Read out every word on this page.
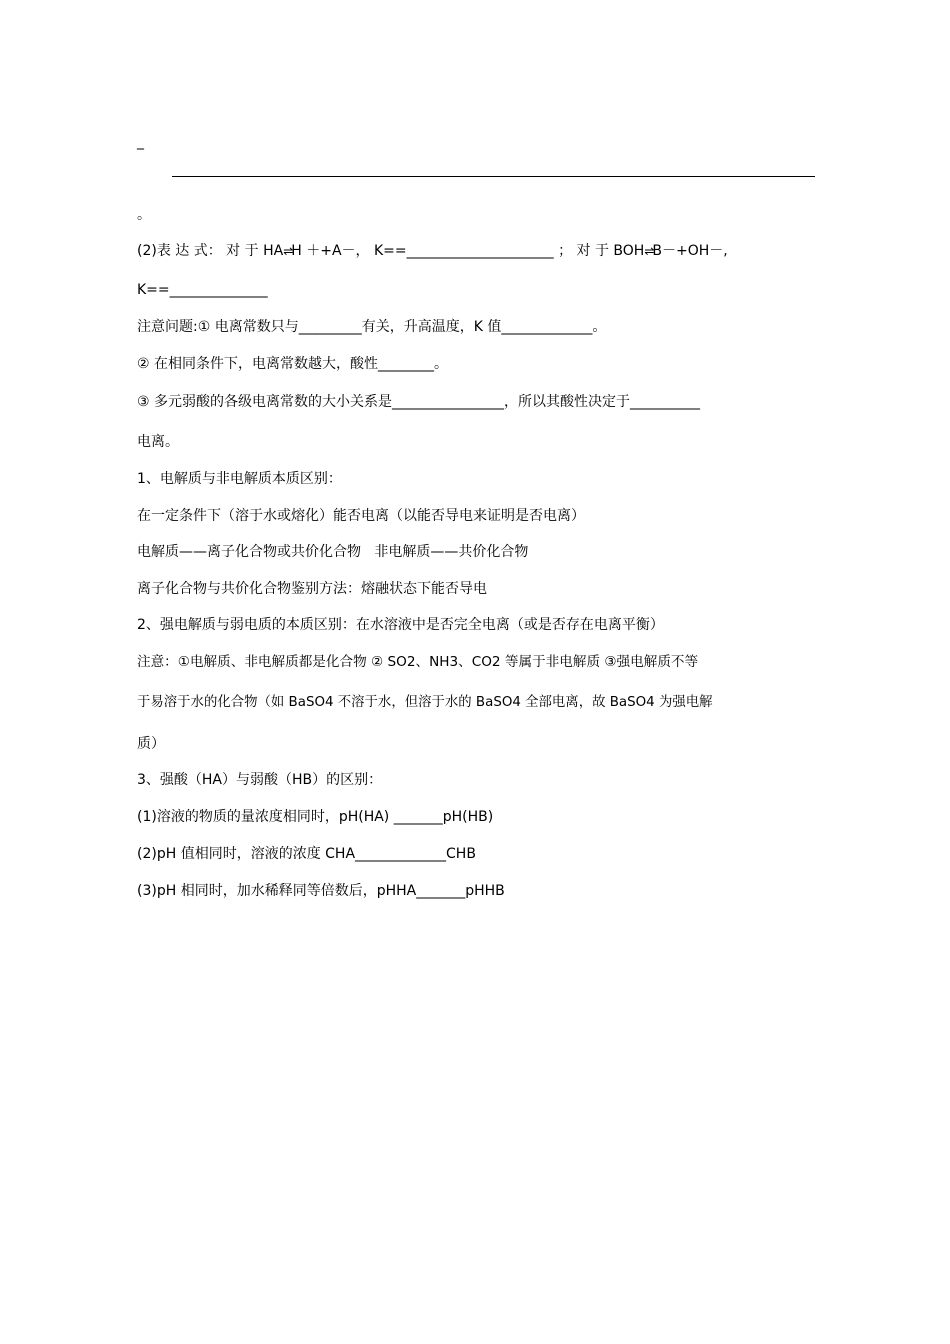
_
。
(2)表 达 式： 对 于 HA⇌H ＋+A－， K==_____________________ ； 对 于 BOH⇌B－+OH－,
K==______________
注意问题:① 电离常数只与_________有关，升高温度，K 值_____________。
② 在相同条件下，电离常数越大，酸性________。
③ 多元弱酸的各级电离常数的大小关系是________________，所以其酸性决定于__________
电离。
1、电解质与非电解质本质区别：
在一定条件下（溶于水或熔化）能否电离（以能否导电来证明是否电离）
电解质——离子化合物或共价化合物   非电解质——共价化合物
离子化合物与共价化合物鉴别方法：熔融状态下能否导电
2、强电解质与弱电质的本质区别：在水溶液中是否完全电离（或是否存在电离平衡）
注意：①电解质、非电解质都是化合物 ② SO2、NH3、CO2 等属于非电解质 ③强电解质不等
于易溶于水的化合物（如 BaSO4 不溶于水，但溶于水的 BaSO4 全部电离，故 BaSO4 为强电解
质）
3、强酸（HA）与弱酸（HB）的区别：
(1)溶液的物质的量浓度相同时，pH(HA) _______pH(HB)
(2)pH 值相同时，溶液的浓度 CHA_____________CHB
(3)pH 相同时，加水稀释同等倍数后，pHHA_______pHHB
